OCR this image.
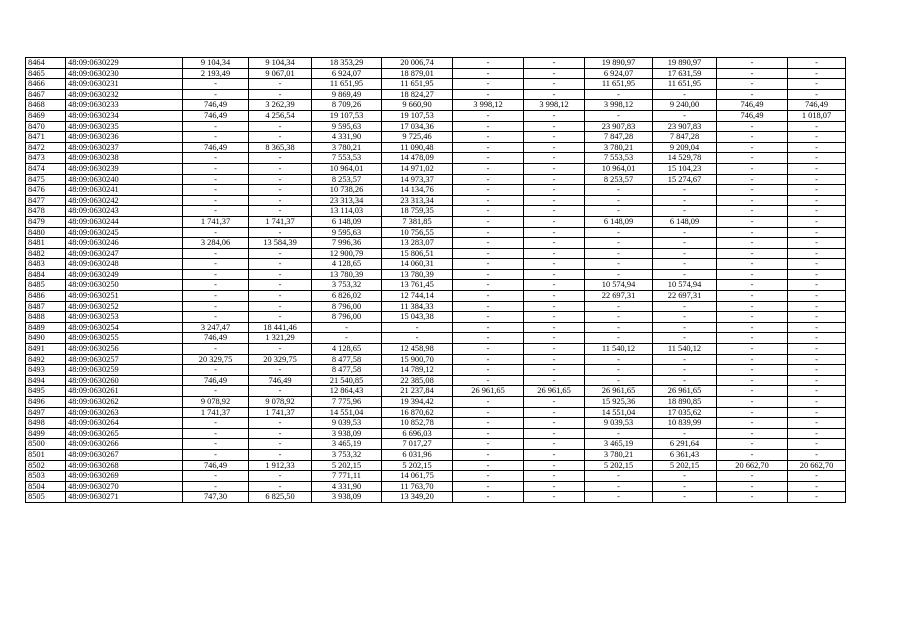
8464	48:09:0630229	9 104,34	9 104,34	18 353,29	20 006,74	-	-	19 890,97	19 890,97	-	-
8465	48:09:0630230	2 193,49	9 067,01	6 924,07	18 879,01	-	-	6 924,07	17 631,59	-	-
8466	48:09:0630231	-	-	11 651,95	11 651,95	-	-	11 651,95	11 651,95	-	-
8467	48:09:0630232	-	-	9 869,49	18 824,27	-	-	-	-	-	-
8468	48:09:0630233	746,49	3 262,39	8 709,26	9 660,90	3 998,12	3 998,12	3 998,12	9 240,00	746,49	746,49
8469	48:09:0630234	746,49	4 256,54	19 107,53	19 107,53	-	-	-	-	746,49	1 018,07
8470	48:09:0630235	-	-	9 595,63	17 034,36	-	-	23 907,83	23 907,83	-	-
8471	48:09:0630236	-	-	4 331,90	9 725,46	-	-	7 847,28	7 847,28	-	-
8472	48:09:0630237	746,49	8 365,38	3 780,21	11 090,48	-	-	3 780,21	9 209,04	-	-
8473	48:09:0630238	-	-	7 553,53	14 478,09	-	-	7 553,53	14 529,78	-	-
8474	48:09:0630239	-	-	10 964,01	14 971,02	-	-	10 964,01	15 104,23	-	-
8475	48:09:0630240	-	-	8 253,57	14 973,37	-	-	8 253,57	15 274,67	-	-
8476	48:09:0630241	-	-	10 738,26	14 134,76	-	-	-	-	-	-
8477	48:09:0630242	-	-	23 313,34	23 313,34	-	-	-	-	-	-
8478	48:09:0630243	-	-	13 114,03	18 759,35	-	-	-	-	-	-
8479	48:09:0630244	1 741,37	1 741,37	6 148,09	7 381,85	-	-	6 148,09	6 148,09	-	-
8480	48:09:0630245	-	-	9 595,63	10 756,55	-	-	-	-	-	-
8481	48:09:0630246	3 284,06	13 584,39	7 996,36	13 283,07	-	-	-	-	-	-
8482	48:09:0630247	-	-	12 900,79	15 806,51	-	-	-	-	-	-
8483	48:09:0630248	-	-	4 128,65	14 060,31	-	-	-	-	-	-
8484	48:09:0630249	-	-	13 780,39	13 780,39	-	-	-	-	-	-
8485	48:09:0630250	-	-	3 753,32	13 761,45	-	-	10 574,94	10 574,94	-	-
8486	48:09:0630251	-	-	6 826,02	12 744,14	-	-	22 697,31	22 697,31	-	-
8487	48:09:0630252	-	-	8 796,00	11 384,33	-	-	-	-	-	-
8488	48:09:0630253	-	-	8 796,00	15 043,38	-	-	-	-	-	-
8489	48:09:0630254	3 247,47	18 441,46	-	-	-	-	-	-	-	-
8490	48:09:0630255	746,49	1 321,29	-	-	-	-	-	-	-	-
8491	48:09:0630256	-	-	4 128,65	12 458,98	-	-	11 540,12	11 540,12	-	-
8492	48:09:0630257	20 329,75	20 329,75	8 477,58	15 900,70	-	-	-	-	-	-
8493	48:09:0630259	-	-	8 477,58	14 789,12	-	-	-	-	-	-
8494	48:09:0630260	746,49	746,49	21 540,85	22 385,08	-	-	-	-	-	-
8495	48:09:0630261	-	-	12 864,43	21 237,84	26 961,65	26 961,65	26 961,65	26 961,65	-	-
8496	48:09:0630262	9 078,92	9 078,92	7 775,96	19 394,42	-	-	15 925,36	18 890,85	-	-
8497	48:09:0630263	1 741,37	1 741,37	14 551,04	16 870,62	-	-	14 551,04	17 035,62	-	-
8498	48:09:0630264	-	-	9 039,53	10 852,78	-	-	9 039,53	10 839,99	-	-
8499	48:09:0630265	-	-	3 938,09	6 696,03	-	-	-	-	-	-
8500	48:09:0630266	-	-	3 465,19	7 017,27	-	-	3 465,19	6 291,64	-	-
8501	48:09:0630267	-	-	3 753,32	6 031,96	-	-	3 780,21	6 361,43	-	-
8502	48:09:0630268	746,49	1 912,33	5 202,15	5 202,15	-	-	5 202,15	5 202,15	20 662,70	20 662,70
8503	48:09:0630269	-	-	7 771,11	14 061,75	-	-	-	-	-	-
8504	48:09:0630270	-	-	4 331,90	11 763,70	-	-	-	-	-	-
8505	48:09:0630271	747,30	6 825,50	3 938,09	13 349,20	-	-	-	-	-	-
